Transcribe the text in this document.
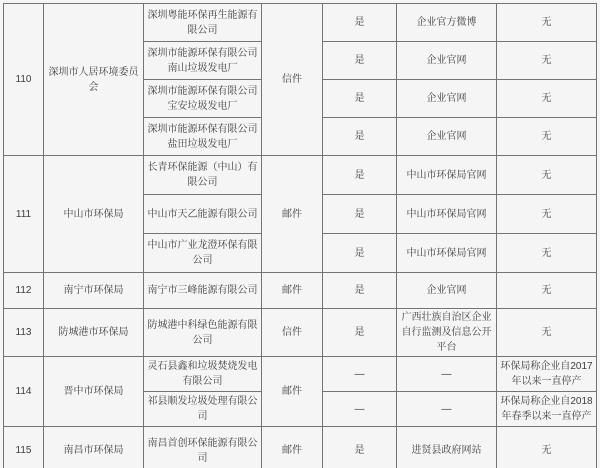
110	深圳市人居环境委员会	深圳粤能环保再生能源有限公司	信件	是	企业官方微博	无
		深圳市能源环保有限公司南山垃圾发电厂		是	企业官网	无
		深圳市能源环保有限公司宝安垃圾发电厂		是	企业官网	无
		深圳市能源环保有限公司盐田垃圾发电厂		是	企业官网	无
111	中山市环保局	长青环保能源（中山）有限公司	邮件	是	中山市环保局官网	无
		中山市天乙能源有限公司		是	中山市环保局官网	无
		中山市广业龙澄环保有限公司		是	中山市环保局官网	无
112	南宁市环保局	南宁市三峰能源有限公司	邮件	是	企业官网	无
113	防城港市环保局	防城港中科绿色能源有限公司	信件	是	广西壮族自治区企业自行监测及信息公开平台	无
114	晋中市环保局	灵石县鑫和垃圾焚烧发电有限公司	邮件	—	—	环保局称企业自2017年以来一直停产
		祁县顺发垃圾处理有限公司		—	—	环保局称企业自2018年春季以来一直停产
115	南昌市环保局	南昌首创环保能源有限公司	邮件	是	进贤县政府网站	无
